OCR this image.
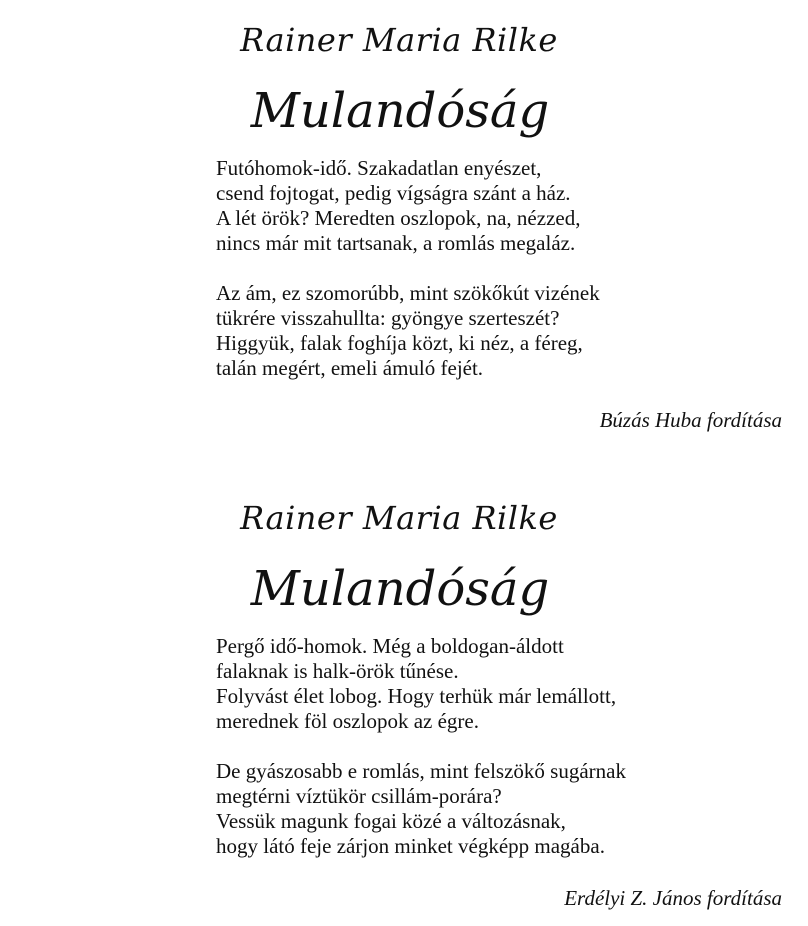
Rainer Maria Rilke
Mulandóság
Futóhomok-idő. Szakadatlan enyészet,
csend fojtogat, pedig vígságra szánt a ház.
A lét örök? Meredten oszlopok, na, nézzed,
nincs már mit tartsanak, a romlás megaláz.
Az ám, ez szomorúbb, mint szökőkút vizének
tükrére visszahullta: gyöngye szerteszét?
Higgyük, falak foghíja közt, ki néz, a féreg,
talán megért, emeli ámuló fejét.
Búzás Huba fordítása
Rainer Maria Rilke
Mulandóság
Pergő idő-homok. Még a boldogan-áldott
falaknak is halk-örök tűnése.
Folyvást élet lobog. Hogy terhük már lemállott,
merednek föl oszlopok az égre.
De gyászosabb e romlás, mint felszökő sugárnak
megtérni víztükör csillám-porára?
Vessük magunk fogai közé a változásnak,
hogy látó feje zárjon minket végképp magába.
Erdélyi Z. János fordítása
